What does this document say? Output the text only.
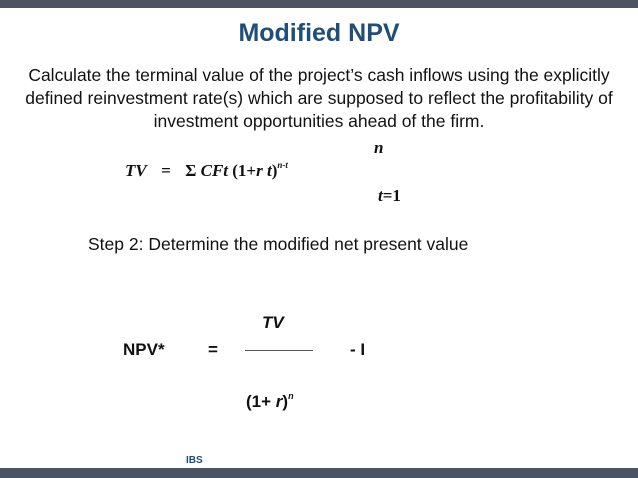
Modified NPV
Calculate the terminal value of the project’s cash inflows using the explicitly defined reinvestment rate(s) which are supposed to reflect the profitability of investment opportunities ahead of the firm.
n
TV = Σ CFt (1+r t)$^{n-t}$
t=1
Step 2: Determine the modified net present value
TV
NPV*	=	- I
$(1+ r)^n$
IBS
